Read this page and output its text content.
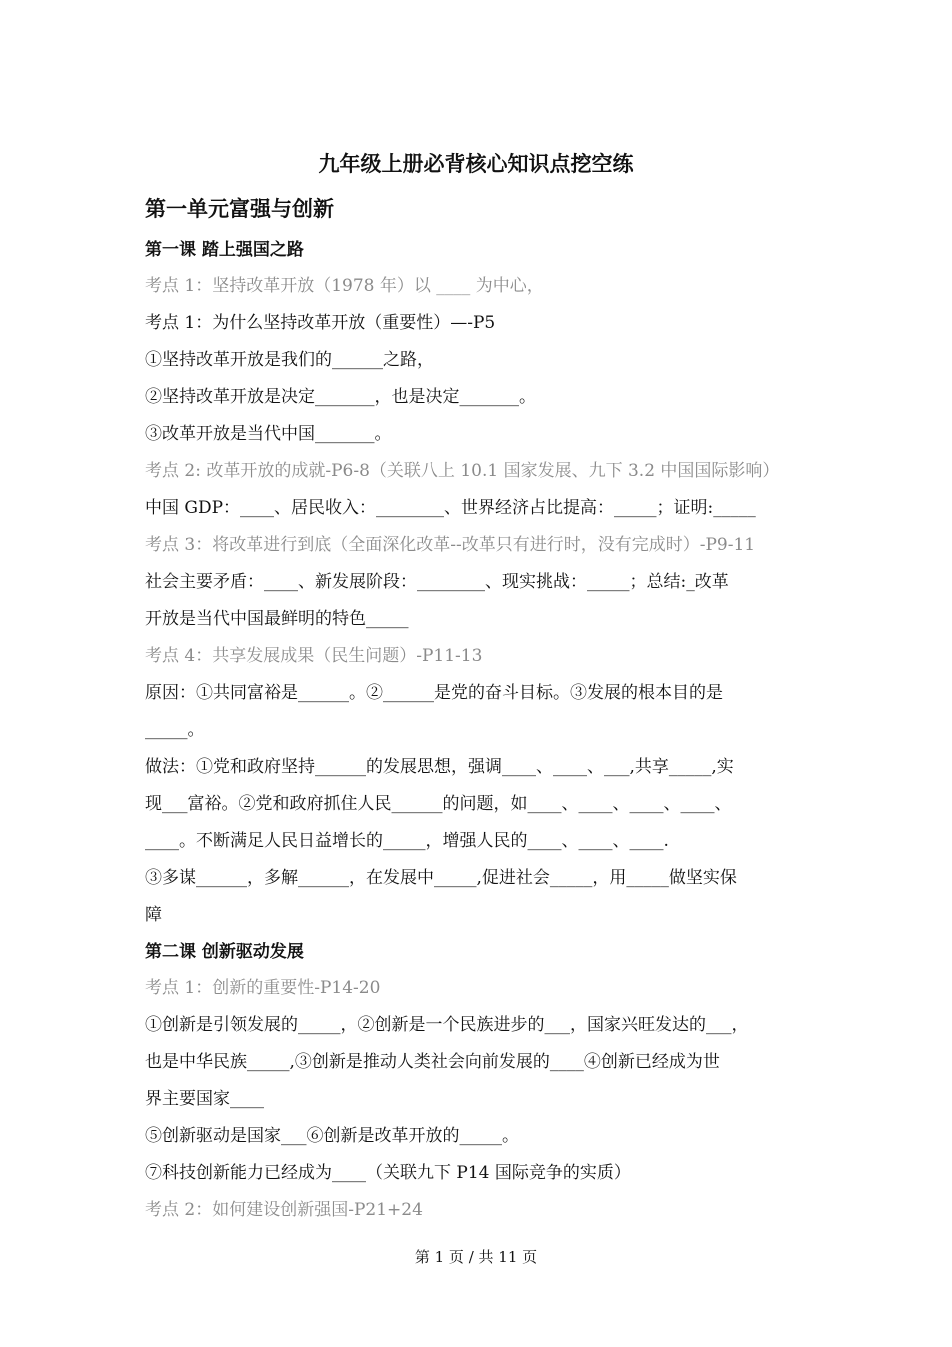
九年级上册必背核心知识点挖空练
第一单元富强与创新
第一课 踏上强国之路
考点 1：坚持改革开放（1978 年）以 ____ 为中心，
考点 1：为什么坚持改革开放（重要性）—-P5
①坚持改革开放是我们的______之路，
②坚持改革开放是决定_______，也是决定_______。
③改革开放是当代中国_______。
考点 2: 改革开放的成就-P6-8（关联八上 10.1 国家发展、九下 3.2 中国国际影响）
中国 GDP：____、居民收入：________、世界经济占比提高：_____；证明:_____
考点 3：将改革进行到底（全面深化改革--改革只有进行时，没有完成时）-P9-11
社会主要矛盾：____、新发展阶段：________、现实挑战：_____；总结:_改革
开放是当代中国最鲜明的特色_____
考点 4：共享发展成果（民生问题）-P11-13
原因：①共同富裕是______。②______是党的奋斗目标。③发展的根本目的是
_____。
做法：①党和政府坚持______的发展思想，强调____、____、___,共享_____,实
现___富裕。②党和政府抓住人民______的问题，如____、____、____、____、
____。不断满足人民日益增长的_____，增强人民的____、____、____.
③多谋______，多解______，在发展中_____,促进社会_____，用_____做坚实保
障
第二课 创新驱动发展
考点 1：创新的重要性-P14-20
①创新是引领发展的_____，②创新是一个民族进步的___，国家兴旺发达的___，
也是中华民族_____,③创新是推动人类社会向前发展的____④创新已经成为世
界主要国家____
⑤创新驱动是国家___⑥创新是改革开放的_____。
⑦科技创新能力已经成为____（关联九下 P14 国际竞争的实质）
考点 2：如何建设创新强国-P21+24
第 1 页 / 共 11 页
